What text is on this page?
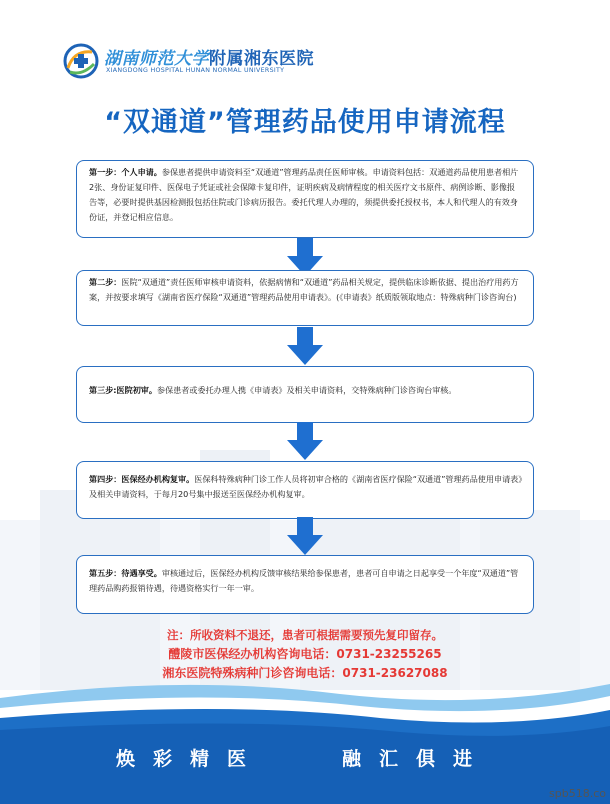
湖南师范大学附属湘东医院
XIANGDONG HOSPITAL HUNAN NORMAL UNIVERSITY
“双通道”管理药品使用申请流程
第一步：个人申请。参保患者提供申请资料至“双通道”管理药品责任医师审核。申请资料包括：双通道药品使用患者相片2张、身份证复印件、医保电子凭证或社会保障卡复印件，证明疾病及病情程度的相关医疗文书原件、病例诊断、影像报告等，必要时提供基因检测报包括住院或门诊病历报告。委托代理人办理的，须提供委托授权书，本人和代理人的有效身份证，并登记相应信息。
第二步：医院“双通道”责任医师审核申请资料，依据病情和“双通道”药品相关规定，提供临床诊断依据、提出治疗用药方案，并按要求填写《湖南省医疗保险“双通道”管理药品使用申请表》。(《申请表》纸质版领取地点：特殊病种门诊咨询台)
第三步:医院初审。参保患者或委托办理人携《申请表》及相关申请资料，交特殊病种门诊咨询台审核。
第四步：医保经办机构复审。医保科特殊病种门诊工作人员将初审合格的《湖南省医疗保险“双通道”管理药品使用申请表》及相关申请资料，于每月20号集中报送至医保经办机构复审。
第五步：待遇享受。审核通过后，医保经办机构反馈审核结果给参保患者，患者可自申请之日起享受一个年度“双通道”管理药品购药报销待遇，待遇资格实行一年一审。
注：所收资料不退还，患者可根据需要预先复印留存。
醴陵市医保经办机构咨询电话：0731-23255265
湘东医院特殊病种门诊咨询电话：0731-23627088
焕彩精医	融汇俱进
spb518.co
